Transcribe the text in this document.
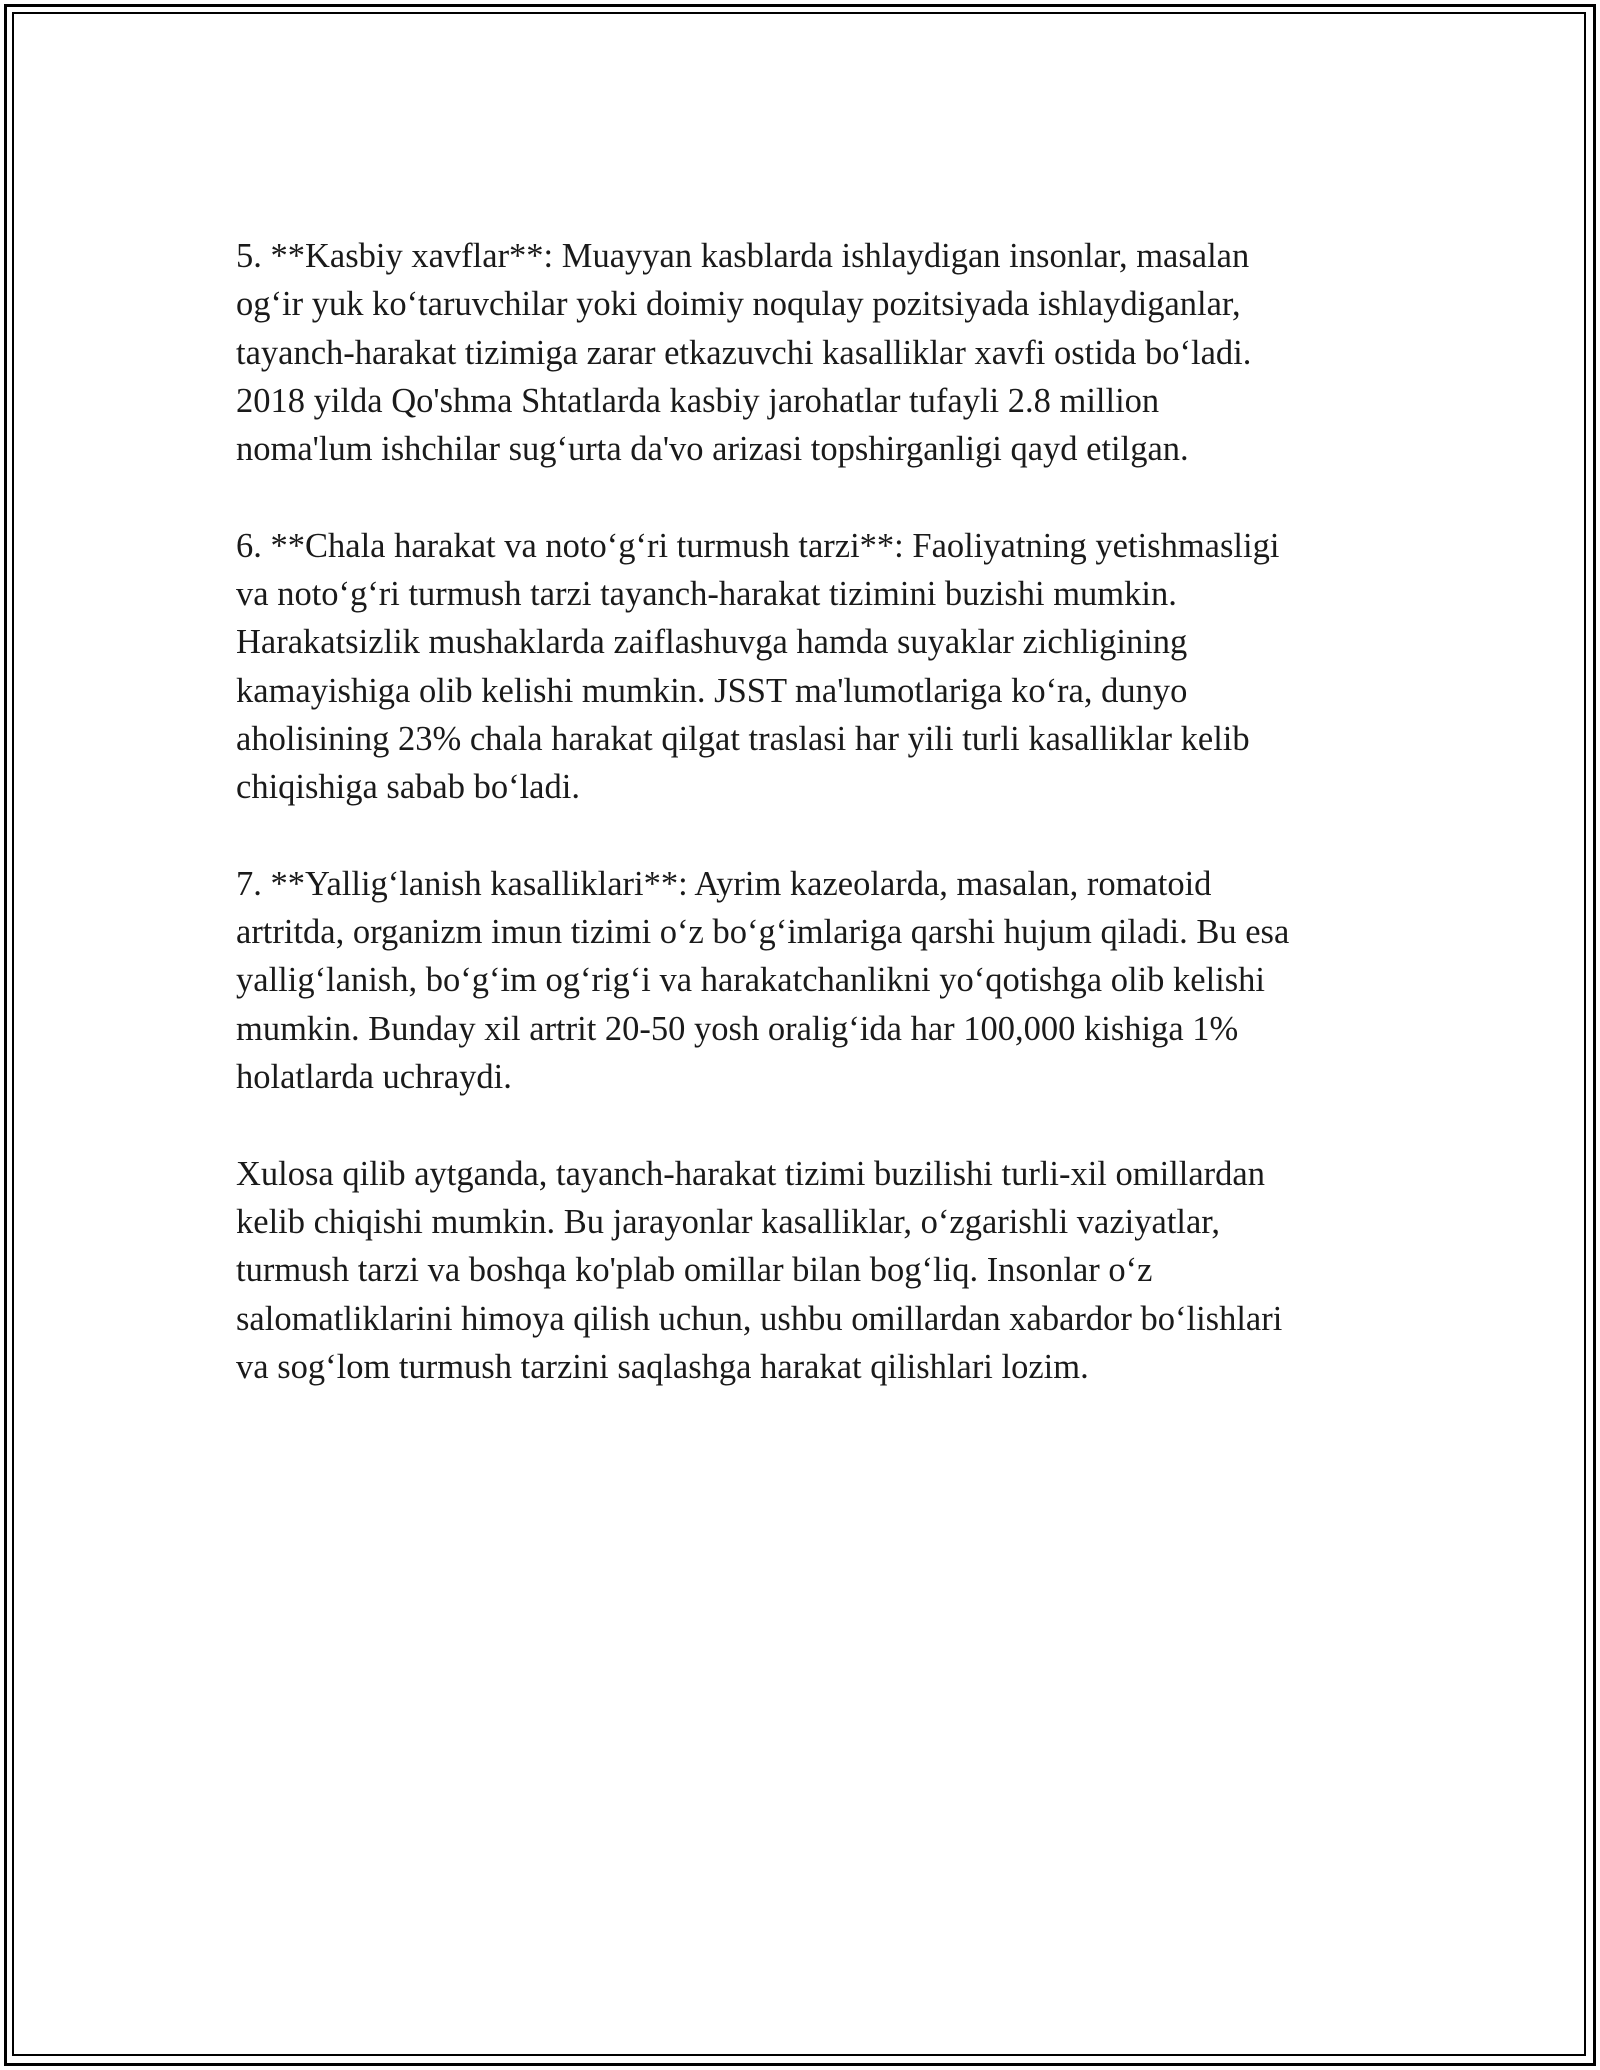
5. **Kasbiy xavflar**: Muayyan kasblarda ishlaydigan insonlar, masalan
og‘ir yuk ko‘taruvchilar yoki doimiy noqulay pozitsiyada ishlaydiganlar,
tayanch-harakat tizimiga zarar etkazuvchi kasalliklar xavfi ostida bo‘ladi.
2018 yilda Qo'shma Shtatlarda kasbiy jarohatlar tufayli 2.8 million
noma'lum ishchilar sug‘urta da'vo arizasi topshirganligi qayd etilgan.
6. **Chala harakat va noto‘g‘ri turmush tarzi**: Faoliyatning yetishmasligi
va noto‘g‘ri turmush tarzi tayanch-harakat tizimini buzishi mumkin.
Harakatsizlik mushaklarda zaiflashuvga hamda suyaklar zichligining
kamayishiga olib kelishi mumkin. JSST ma'lumotlariga ko‘ra, dunyo
aholisining 23% chala harakat qilgat traslasi har yili turli kasalliklar kelib
chiqishiga sabab bo‘ladi.
7. **Yallig‘lanish kasalliklari**: Ayrim kazeolarda, masalan, romatoid
artritda, organizm imun tizimi o‘z bo‘g‘imlariga qarshi hujum qiladi. Bu esa
yallig‘lanish, bo‘g‘im og‘rig‘i va harakatchanlikni yo‘qotishga olib kelishi
mumkin. Bunday xil artrit 20-50 yosh oralig‘ida har 100,000 kishiga 1%
holatlarda uchraydi.
Xulosa qilib aytganda, tayanch-harakat tizimi buzilishi turli-xil omillardan
kelib chiqishi mumkin. Bu jarayonlar kasalliklar, o‘zgarishli vaziyatlar,
turmush tarzi va boshqa ko'plab omillar bilan bog‘liq. Insonlar o‘z
salomatliklarini himoya qilish uchun, ushbu omillardan xabardor bo‘lishlari
va sog‘lom turmush tarzini saqlashga harakat qilishlari lozim.
